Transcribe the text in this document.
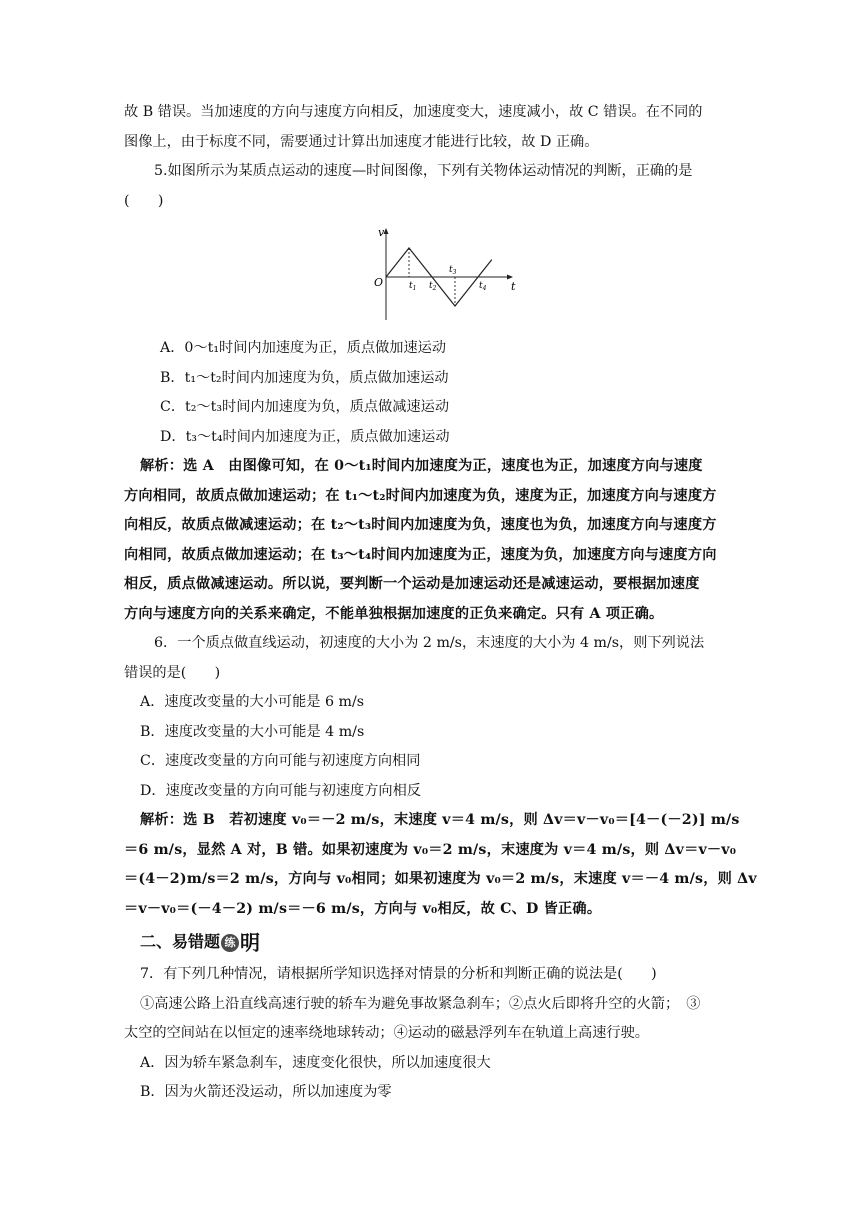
故 B 错误。当加速度的方向与速度方向相反，加速度变大，速度减小，故 C 错误。在不同的
图像上，由于标度不同，需要通过计算出加速度才能进行比较，故 D 正确。
5.如图所示为某质点运动的速度—时间图像，下列有关物体运动情况的判断，正确的是
(　　)
v
t
O	$t_1$ $t_2$
$t_3$
$t_4$
A．0～t₁时间内加速度为正，质点做加速运动
B．t₁～t₂时间内加速度为负，质点做加速运动
C．t₂～t₃时间内加速度为负，质点做减速运动
D．t₃～t₄时间内加速度为正，质点做加速运动
解析：选 A　由图像可知，在 0～t₁时间内加速度为正，速度也为正，加速度方向与速度
方向相同，故质点做加速运动；在 t₁～t₂时间内加速度为负，速度为正，加速度方向与速度方
向相反，故质点做减速运动；在 t₂～t₃时间内加速度为负，速度也为负，加速度方向与速度方
向相同，故质点做加速运动；在 t₃～t₄时间内加速度为正，速度为负，加速度方向与速度方向
相反，质点做减速运动。所以说，要判断一个运动是加速运动还是减速运动，要根据加速度
方向与速度方向的关系来确定，不能单独根据加速度的正负来确定。只有 A 项正确。
6．一个质点做直线运动，初速度的大小为 2 m/s，末速度的大小为 4 m/s，则下列说法
错误的是(　　)
A．速度改变量的大小可能是 6 m/s
B．速度改变量的大小可能是 4 m/s
C．速度改变量的方向可能与初速度方向相同
D．速度改变量的方向可能与初速度方向相反
解析：选 B　若初速度 v₀＝－2 m/s，末速度 v＝4 m/s，则 Δv＝v－v₀＝[4－(－2)] m/s
＝6 m/s，显然 A 对，B 错。如果初速度为 v₀＝2 m/s，末速度为 v＝4 m/s，则 Δv＝v－v₀
＝(4－2)m/s＝2 m/s，方向与 v₀相同；如果初速度为 v₀＝2 m/s，末速度 v＝－4 m/s，则 Δv
＝v－v₀＝(－4－2) m/s＝－6 m/s，方向与 v₀相反，故 C、D 皆正确。
二、易错题 练 明
7．有下列几种情况，请根据所学知识选择对情景的分析和判断正确的说法是(　　)
①高速公路上沿直线高速行驶的轿车为避免事故紧急刹车；②点火后即将升空的火箭；　③
太空的空间站在以恒定的速率绕地球转动；④运动的磁悬浮列车在轨道上高速行驶。
A．因为轿车紧急刹车，速度变化很快，所以加速度很大
B．因为火箭还没运动，所以加速度为零
